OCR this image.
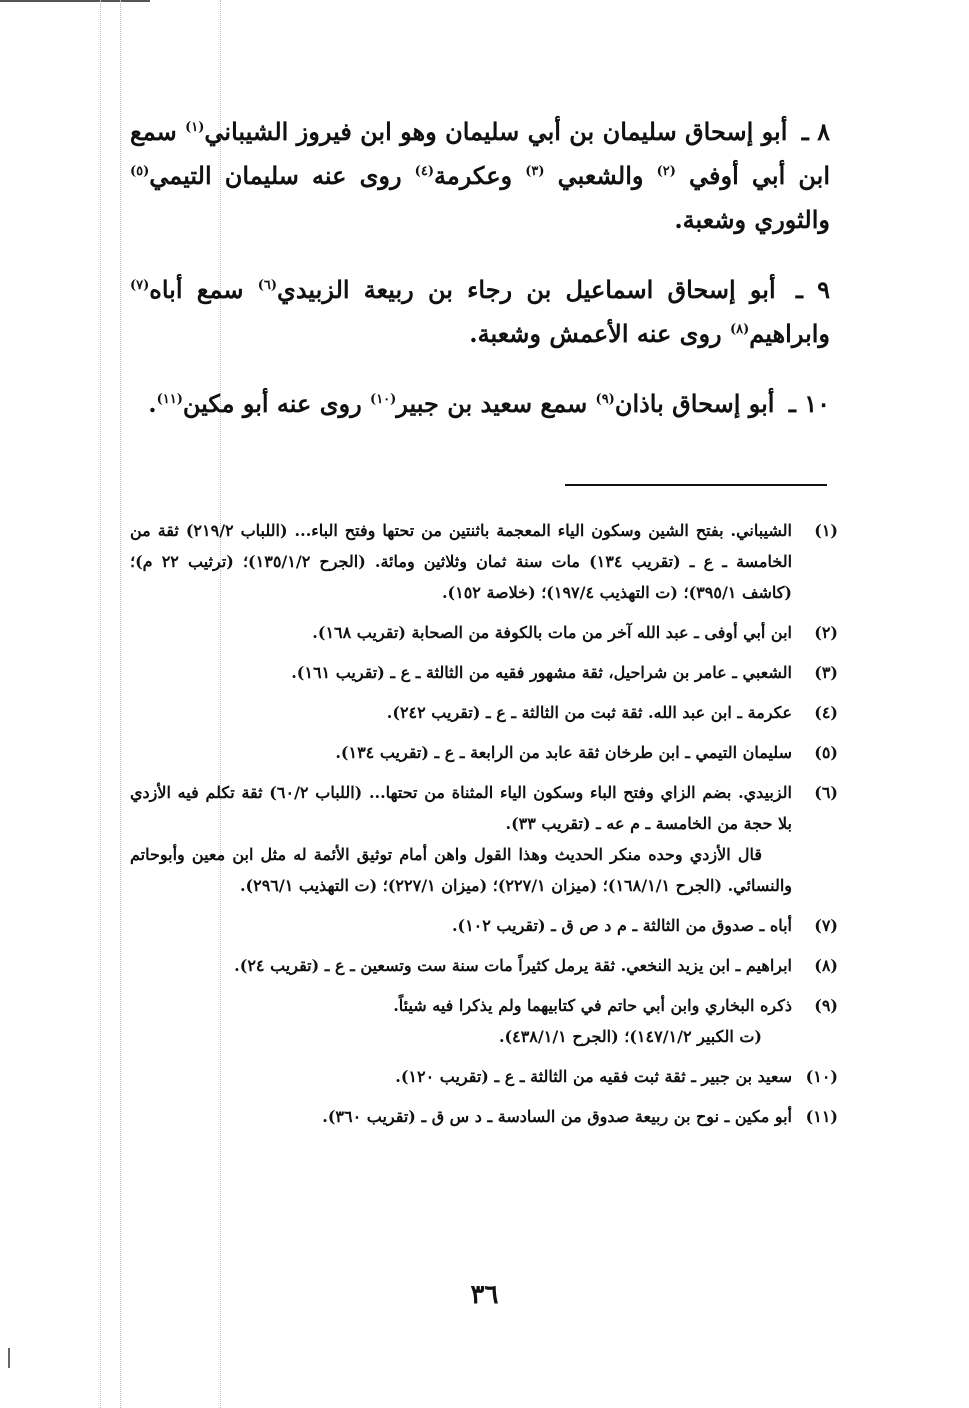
٨ ـ أبو إسحاق سليمان بن أبي سليمان وهو ابن فيروز الشيباني$^{(١)}$ سمع ابن أبي أوفي $^{(٢)}$ والشعبي $^{(٣)}$ وعكرمة$^{(٤)}$ روى عنه سليمان التيمي$^{(٥)}$ والثوري وشعبة.

٩ ـ أبو إسحاق اسماعيل بن رجاء بن ربيعة الزبيدي$^{(٦)}$ سمع أباه$^{(٧)}$ وابراهيم$^{(٨)}$ روى عنه الأعمش وشعبة.

١٠ ـ أبو إسحاق باذان$^{(٩)}$ سمع سعيد بن جبير$^{(١٠)}$ روى عنه أبو مكين$^{(١١)}$.

(١)

الشيباني. بفتح الشين وسكون الياء المعجمة باثنتين من تحتها وفتح الباء... (اللباب ٢١٩/٢) ثقة من الخامسة ـ ع ـ (تقريب ١٣٤) مات سنة ثمان وثلاثين ومائة. (الجرح ١٣٥/١/٢)؛ (ترثيب ٢٢ م)؛ (كاشف ٣٩٥/١)؛ (ت التهذيب ١٩٧/٤)؛ (خلاصة ١٥٢).

(٢)

ابن أبي أوفى ـ عبد الله آخر من مات بالكوفة من الصحابة (تقريب ١٦٨).

(٣)

الشعبي ـ عامر بن شراحيل، ثقة مشهور فقيه من الثالثة ـ ع ـ (تقريب ١٦١).

(٤)

عكرمة ـ ابن عبد الله. ثقة ثبت من الثالثة ـ ع ـ (تقريب ٢٤٢).

(٥)

سليمان التيمي ـ ابن طرخان ثقة عابد من الرابعة ـ ع ـ (تقريب ١٣٤).

(٦)

الزبيدي. بضم الزاي وفتح الباء وسكون الياء المثناة من تحتها... (اللباب ٦٠/٢) ثقة تكلم فيه الأزدي بلا حجة من الخامسة ـ م عه ـ (تقريب ٣٣).

قال الأزدي وحده منكر الحديث وهذا القول واهن أمام توثيق الأئمة له مثل ابن معين وأبوحاتم والنسائي. (الجرح ١٦٨/١/١)؛ (ميزان ٢٢٧/١)؛ (ميزان ٢٢٧/١)؛ (ت التهذيب ٢٩٦/١).

(٧)

أباه ـ صدوق من الثالثة ـ م د ص ق ـ (تقريب ١٠٢).

(٨)

ابراهيم ـ ابن يزيد النخعي. ثقة يرمل كثيراً مات سنة ست وتسعين ـ ع ـ (تقريب ٢٤).

(٩)

ذكره البخاري وابن أبي حاتم في كتابيهما ولم يذكرا فيه شيئاً.

(ت الكبير ١٤٧/١/٢)؛ (الجرح ٤٣٨/١/١).

(١٠)

سعيد بن جبير ـ ثقة ثبت فقيه من الثالثة ـ ع ـ (تقريب ١٢٠).

(١١)

أبو مكين ـ نوح بن ربيعة صدوق من السادسة ـ د س ق ـ (تقريب ٣٦٠).

٣٦
